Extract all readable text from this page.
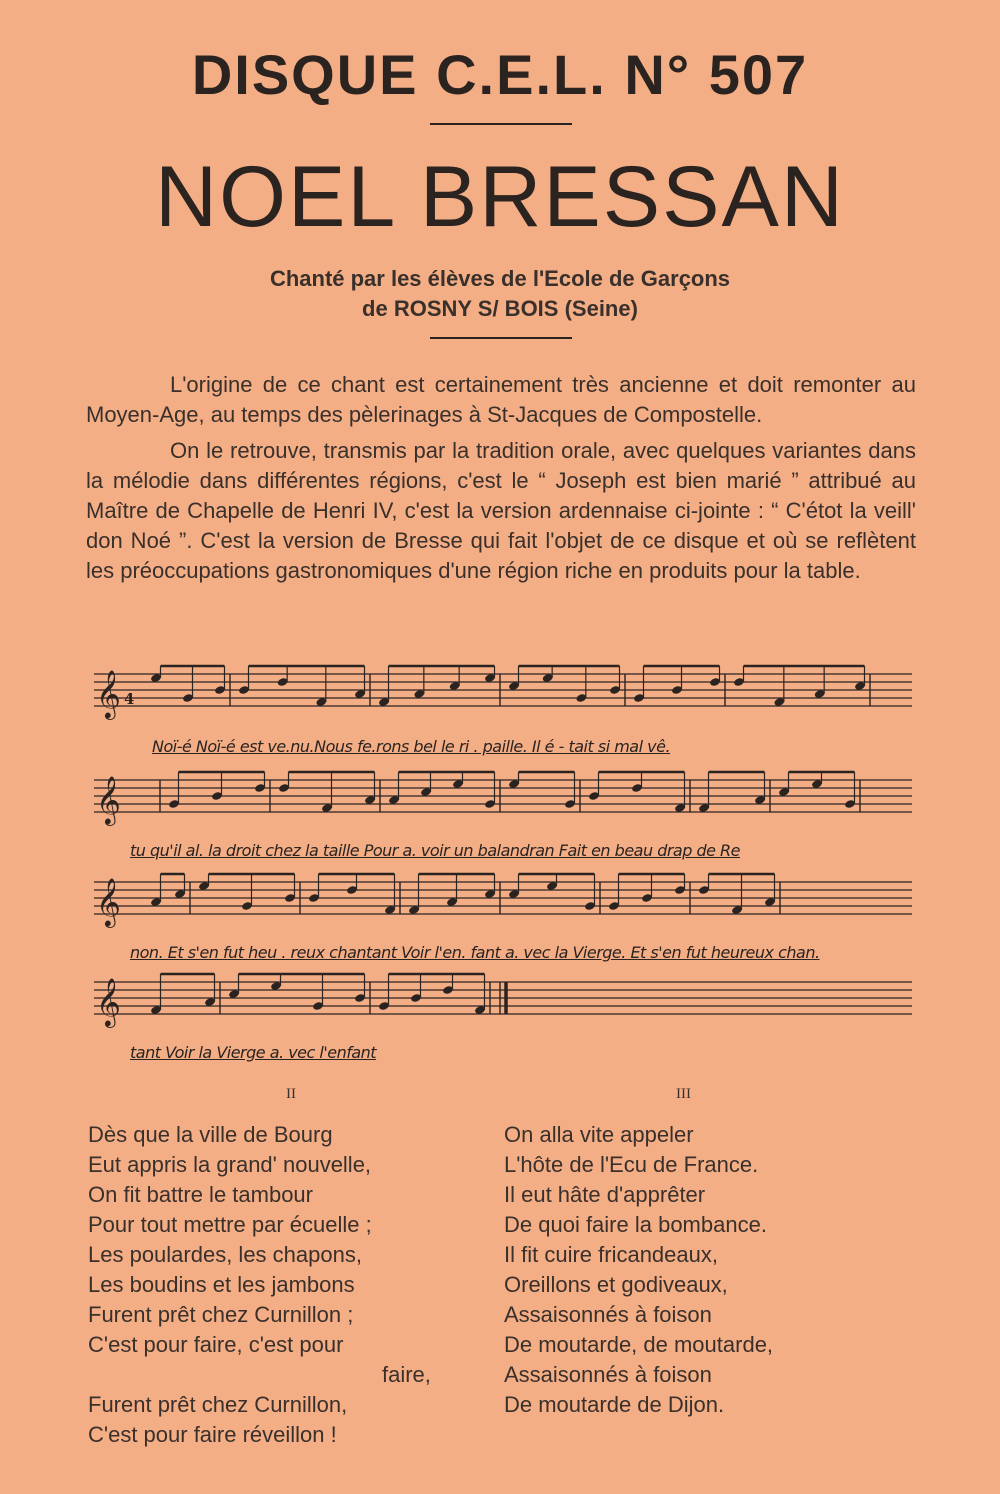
DISQUE C.E.L. N° 507
NOEL BRESSAN
Chanté par les élèves de l'Ecole de Garçons
de ROSNY S/ BOIS (Seine)

L'origine de ce chant est certainement très ancienne et doit remonter au Moyen-Age, au temps des pèlerinages à St-Jacques de Compostelle.

On le retrouve, transmis par la tradition orale, avec quelques variantes dans la mélodie dans différentes régions, c'est le “ Joseph est bien marié ” attribué au Maître de Chapelle de Henri IV, c'est la version ardennaise ci-jointe : “ C'étot la veill' don Noé ”. C'est la version de Bresse qui fait l'objet de ce disque et où se reflètent les préoccupations gastronomiques d'une région riche en produits pour la table.

𝄞 4
𝄞
𝄞
𝄞
Noï-é Noï-é est ve.nu.Nous fe.rons bel le ri . paille. Il é - tait si mal vê.
tu qu'il al. la droit chez la taille Pour a. voir un balandran Fait en beau drap de Re
non. Et s'en fut heu . reux chantant Voir l'en. fant a. vec la Vierge. Et s'en fut heureux chan.
tant Voir la Vierge a. vec l'enfant
II	III
Dès que la ville de Bourg
Eut appris la grand' nouvelle,
On fit battre le tambour
Pour tout mettre par écuelle ;
Les poulardes, les chapons,
Les boudins et les jambons
Furent prêt chez Curnillon ;
C'est pour faire, c'est pour
faire,
Furent prêt chez Curnillon,
C'est pour faire réveillon !
On alla vite appeler
L'hôte de l'Ecu de France.
Il eut hâte d'apprêter
De quoi faire la bombance.
Il fit cuire fricandeaux,
Oreillons et godiveaux,
Assaisonnés à foison
De moutarde, de moutarde,
Assaisonnés à foison
De moutarde de Dijon.
